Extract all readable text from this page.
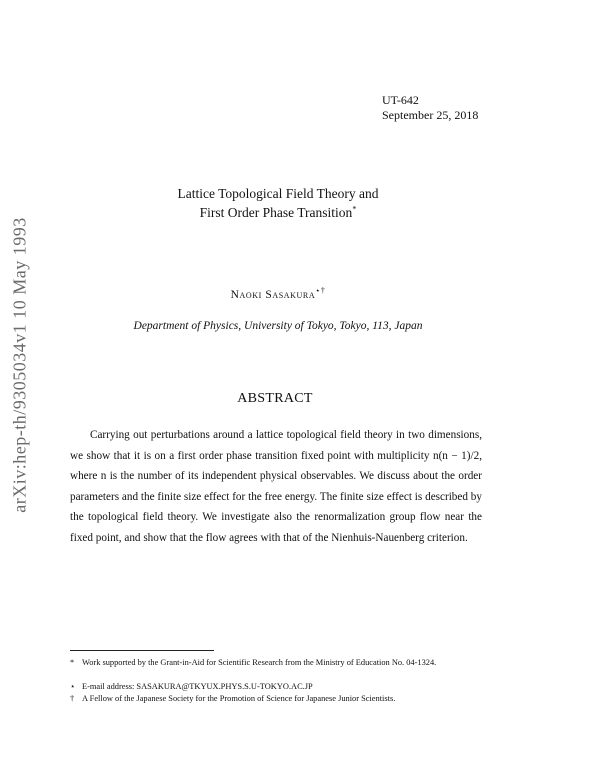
UT-642
September 25, 2018
arXiv:hep-th/9305034v1 10 May 1993
Lattice Topological Field Theory and
First Order Phase Transition*
Naoki Sasakura⋆†
Department of Physics, University of Tokyo, Tokyo, 113, Japan
ABSTRACT
Carrying out perturbations around a lattice topological field theory in two dimensions, we show that it is on a first order phase transition fixed point with multiplicity n(n − 1)/2, where n is the number of its independent physical observables. We discuss about the order parameters and the finite size effect for the free energy. The finite size effect is described by the topological field theory. We investigate also the renormalization group flow near the fixed point, and show that the flow agrees with that of the Nienhuis-Nauenberg criterion.
* Work supported by the Grant-in-Aid for Scientific Research from the Ministry of Education No. 04-1324.
⋆ E-mail address: SASAKURA@TKYUX.PHYS.S.U-TOKYO.AC.JP
† A Fellow of the Japanese Society for the Promotion of Science for Japanese Junior Scientists.
